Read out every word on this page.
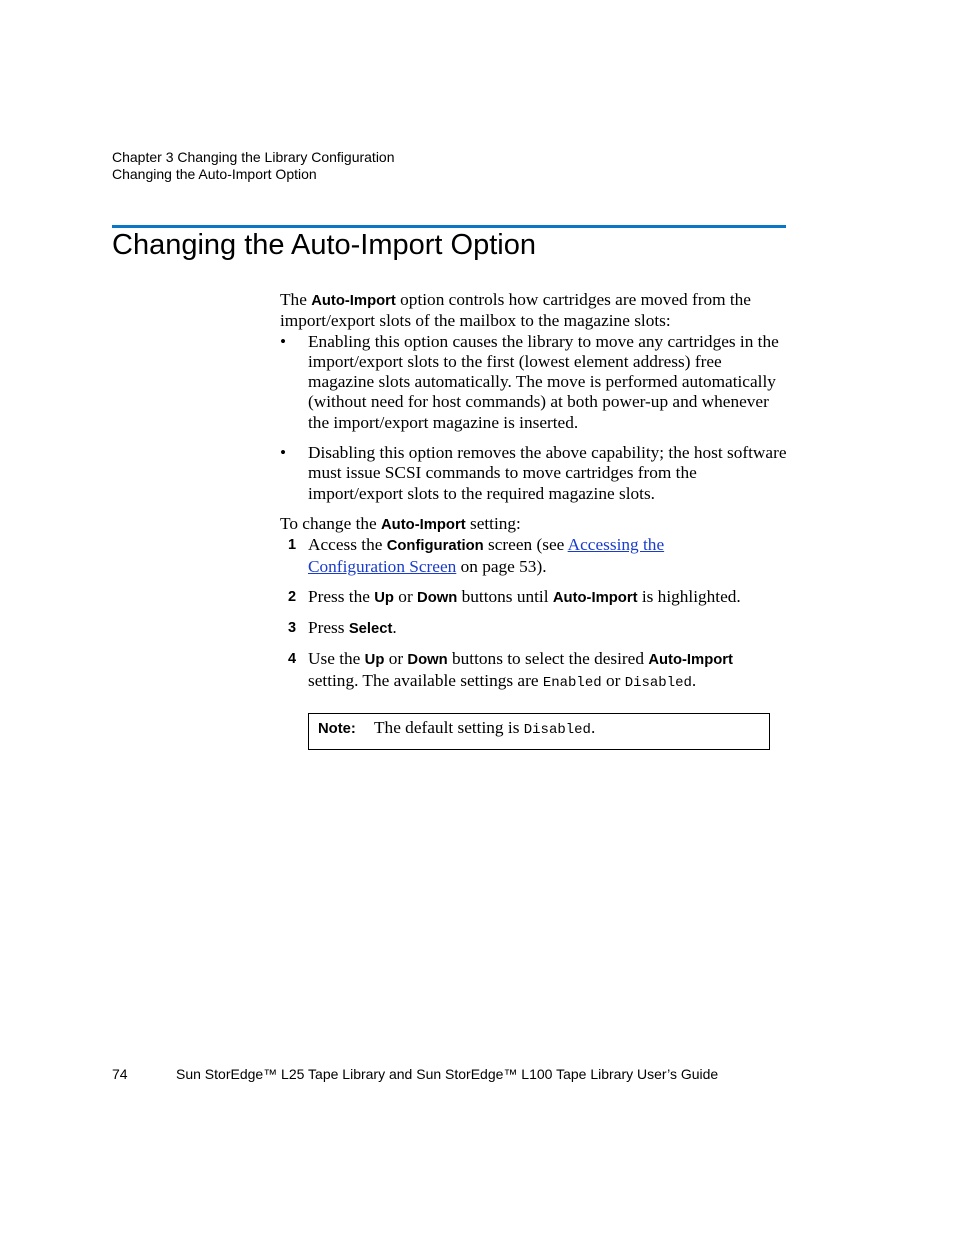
Chapter 3 Changing the Library Configuration
Changing the Auto-Import Option
Changing the Auto-Import Option

The Auto-Import option controls how cartridges are moved from the import/export slots of the mailbox to the magazine slots:

• Enabling this option causes the library to move any cartridges in the import/export slots to the first (lowest element address) free magazine slots automatically. The move is performed automatically (without need for host commands) at both power-up and whenever the import/export magazine is inserted.
• Disabling this option removes the above capability; the host software must issue SCSI commands to move cartridges from the import/export slots to the required magazine slots.

To change the Auto-Import setting:

1 Access the Configuration screen (see Accessing the
Configuration Screen on page 53).
2 Press the Up or Down buttons until Auto-Import is highlighted.
3 Press Select.
4 Use the Up or Down buttons to select the desired Auto-Import
setting. The available settings are Enabled or Disabled.
Note: The default setting is Disabled.
74	Sun StorEdge™ L25 Tape Library and Sun StorEdge™ L100 Tape Library User’s Guide
